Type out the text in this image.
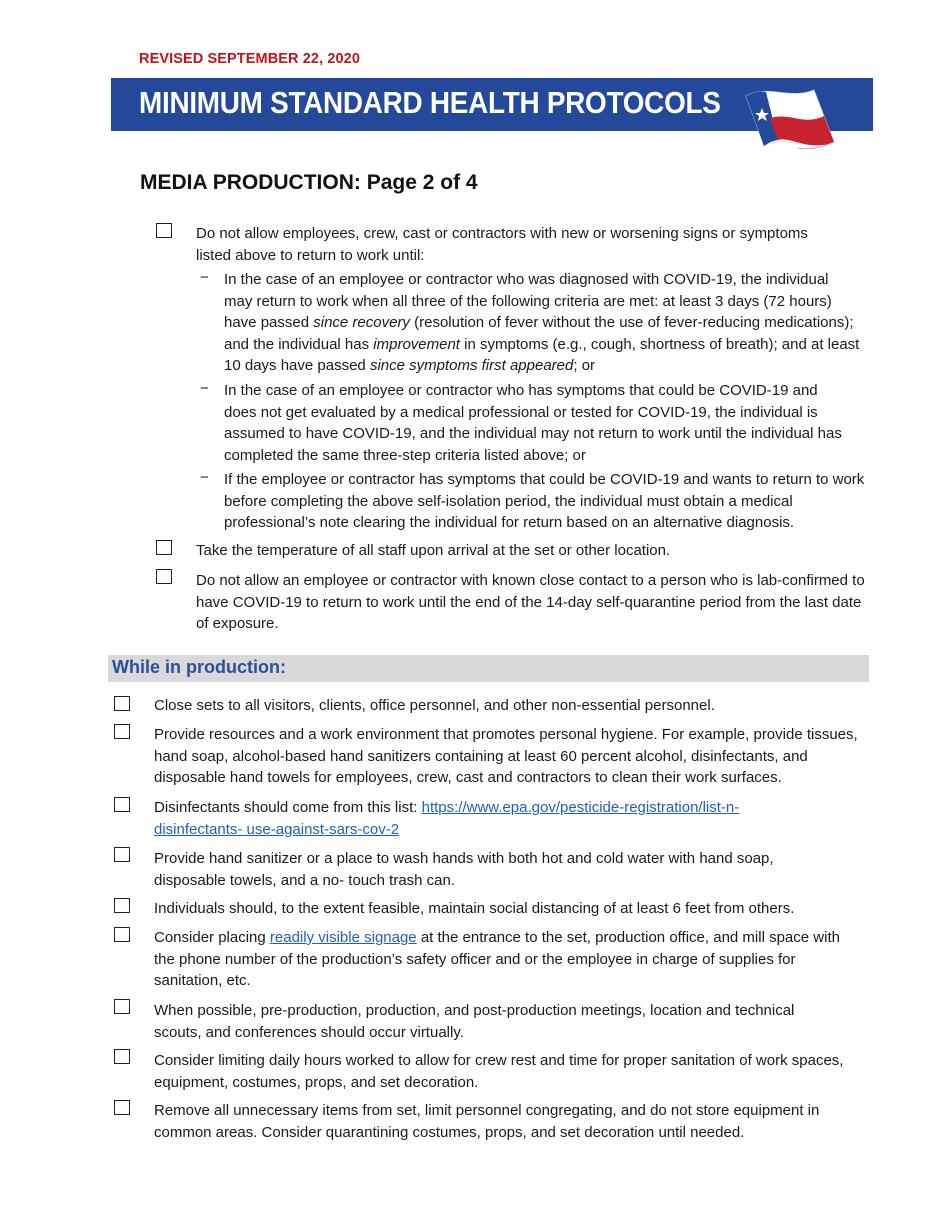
REVISED SEPTEMBER 22, 2020
MINIMUM STANDARD HEALTH PROTOCOLS
MEDIA PRODUCTION: Page 2 of 4
Do not allow employees, crew, cast or contractors with new or worsening signs or symptoms listed above to return to work until:
− In the case of an employee or contractor who was diagnosed with COVID-19, the individual may return to work when all three of the following criteria are met: at least 3 days (72 hours) have passed since recovery (resolution of fever without the use of fever-reducing medications); and the individual has improvement in symptoms (e.g., cough, shortness of breath); and at least 10 days have passed since symptoms first appeared; or
− In the case of an employee or contractor who has symptoms that could be COVID-19 and does not get evaluated by a medical professional or tested for COVID-19, the individual is assumed to have COVID-19, and the individual may not return to work until the individual has completed the same three-step criteria listed above; or
− If the employee or contractor has symptoms that could be COVID-19 and wants to return to work before completing the above self-isolation period, the individual must obtain a medical professional’s note clearing the individual for return based on an alternative diagnosis.
Take the temperature of all staff upon arrival at the set or other location.
Do not allow an employee or contractor with known close contact to a person who is lab-confirmed to have COVID-19 to return to work until the end of the 14-day self-quarantine period from the last date of exposure.
While in production:
Close sets to all visitors, clients, office personnel, and other non-essential personnel.
Provide resources and a work environment that promotes personal hygiene. For example, provide tissues, hand soap, alcohol-based hand sanitizers containing at least 60 percent alcohol, disinfectants, and disposable hand towels for employees, crew, cast and contractors to clean their work surfaces.
Disinfectants should come from this list: https://www.epa.gov/pesticide-registration/list-n-disinfectants- use-against-sars-cov-2
Provide hand sanitizer or a place to wash hands with both hot and cold water with hand soap, disposable towels, and a no- touch trash can.
Individuals should, to the extent feasible, maintain social distancing of at least 6 feet from others.
Consider placing readily visible signage at the entrance to the set, production office, and mill space with the phone number of the production’s safety officer and or the employee in charge of supplies for sanitation, etc.
When possible, pre-production, production, and post-production meetings, location and technical scouts, and conferences should occur virtually.
Consider limiting daily hours worked to allow for crew rest and time for proper sanitation of work spaces, equipment, costumes, props, and set decoration.
Remove all unnecessary items from set, limit personnel congregating, and do not store equipment in common areas. Consider quarantining costumes, props, and set decoration until needed.
